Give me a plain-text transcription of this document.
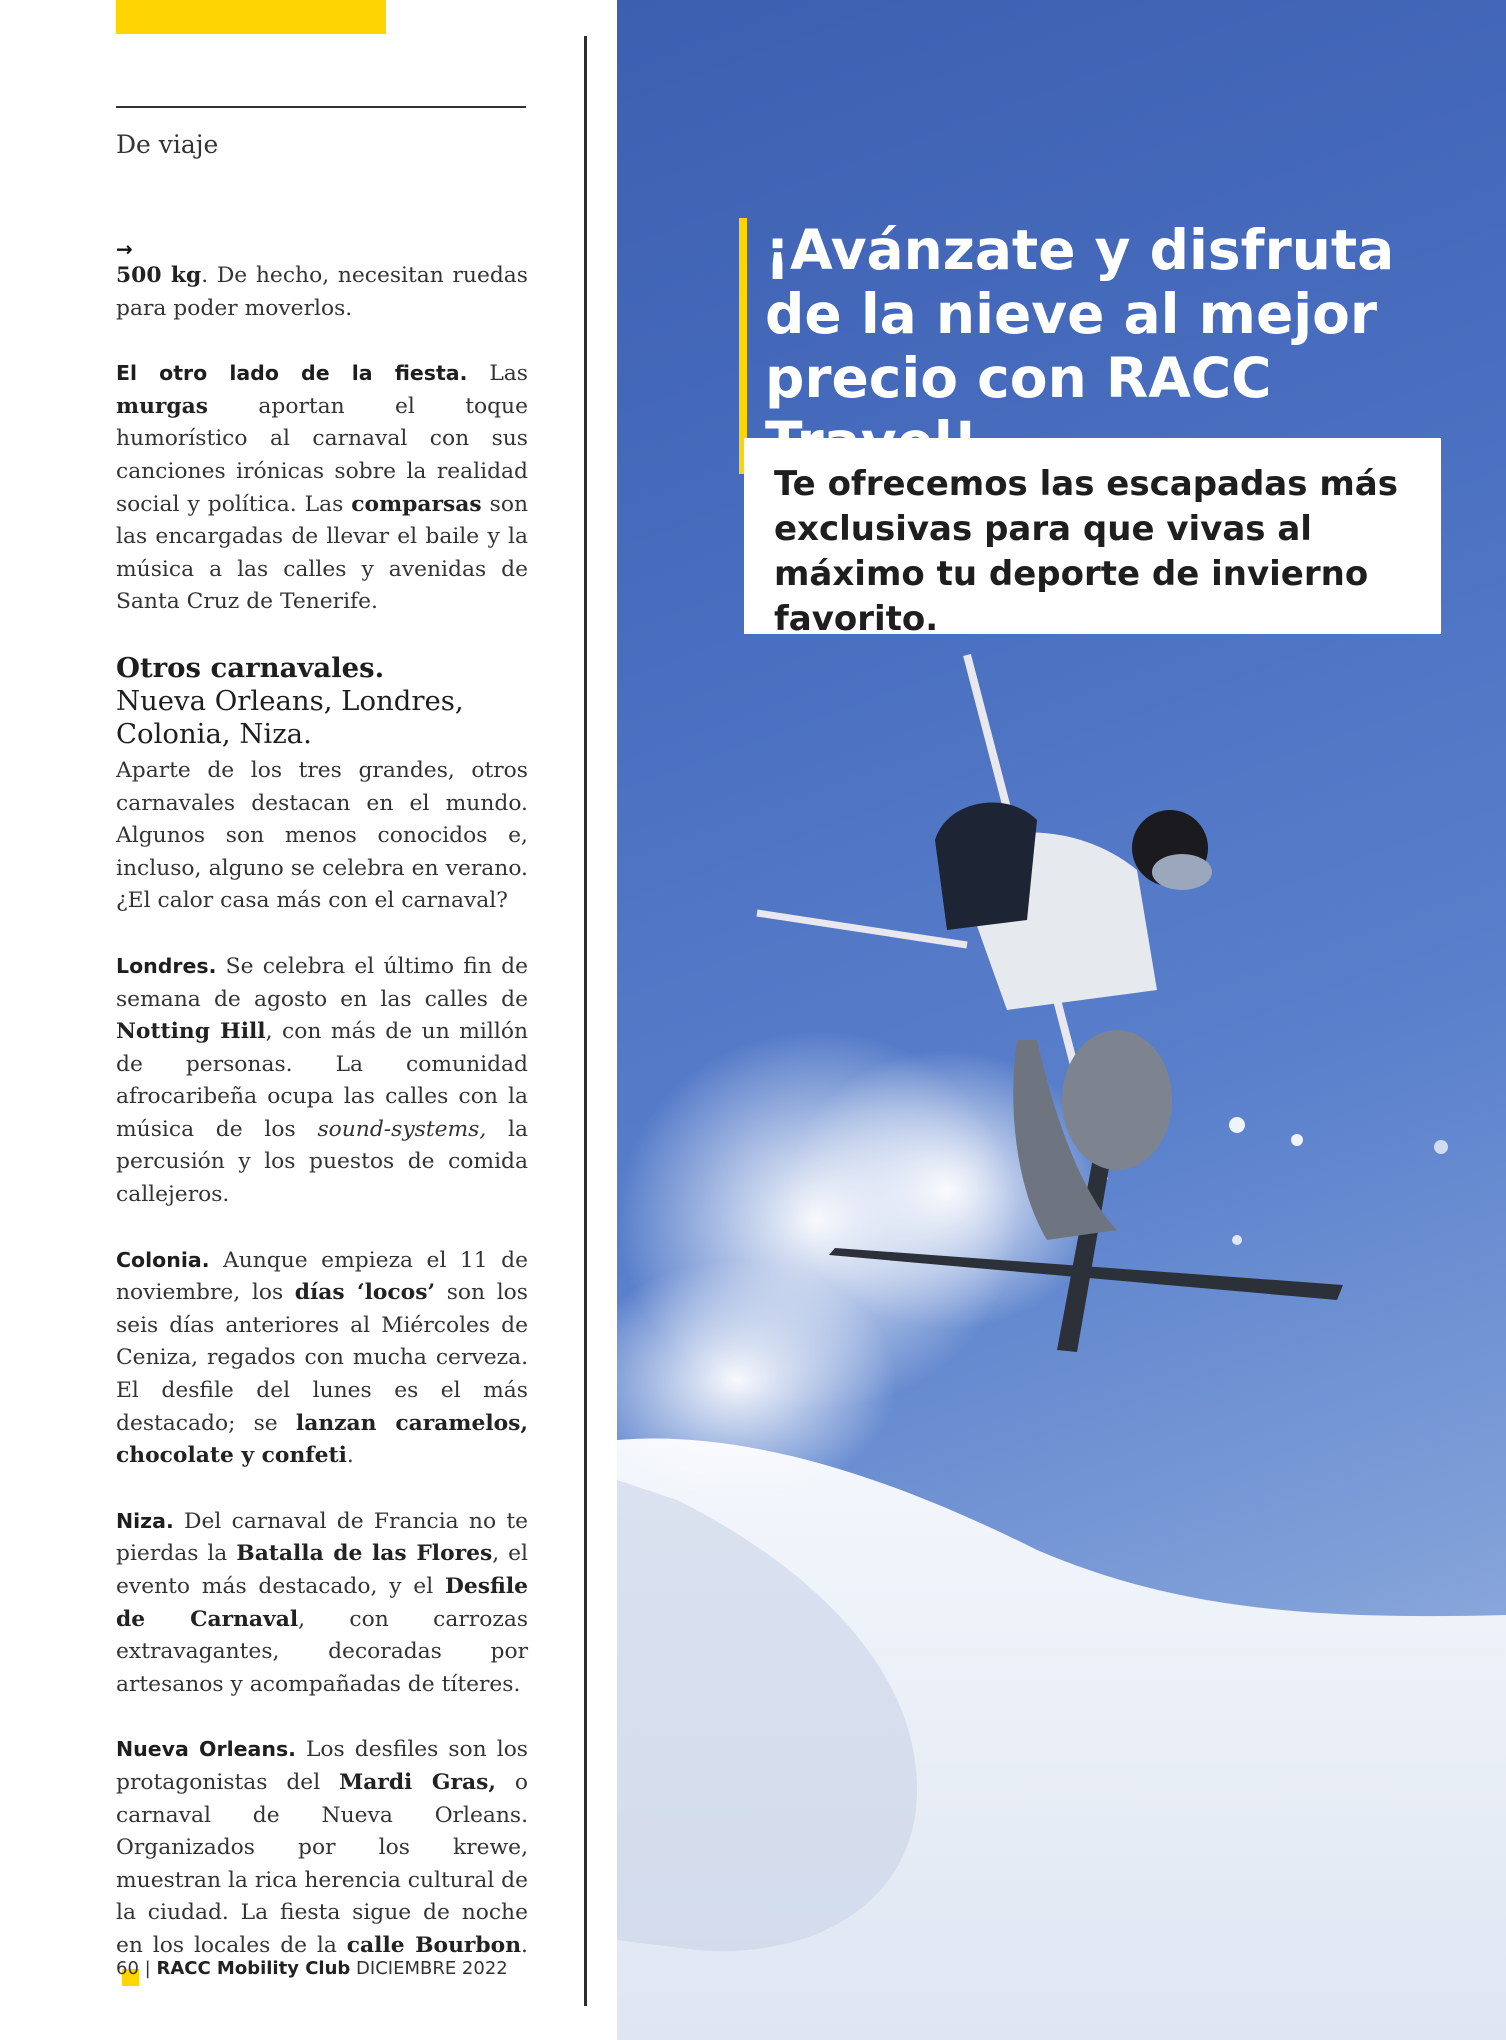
De viaje
→

500 kg. De hecho, necesitan ruedas para poder moverlos.

El otro lado de la fiesta. Las murgas aportan el toque humorístico al carnaval con sus canciones irónicas sobre la realidad social y política. Las comparsas son las encargadas de llevar el baile y la música a las calles y avenidas de Santa Cruz de Tenerife.

Otros carnavales.
Nueva Orleans, Londres, Colonia, Niza.

Aparte de los tres grandes, otros carnavales destacan en el mundo. Algunos son menos conocidos e, incluso, alguno se celebra en verano. ¿El calor casa más con el carnaval?

Londres. Se celebra el último fin de semana de agosto en las calles de Notting Hill, con más de un millón de personas. La comunidad afrocaribeña ocupa las calles con la música de los sound-systems, la percusión y los puestos de comida callejeros.

Colonia. Aunque empieza el 11 de noviembre, los días ‘locos’ son los seis días anteriores al Miércoles de Ceniza, regados con mucha cerveza. El desfile del lunes es el más destacado; se lanzan caramelos, chocolate y confeti.

Niza. Del carnaval de Francia no te pierdas la Batalla de las Flores, el evento más destacado, y el Desfile de Carnaval, con carrozas extravagantes, decoradas por artesanos y acompañadas de títeres.

Nueva Orleans. Los desfiles son los protagonistas del Mardi Gras, o carnaval de Nueva Orleans. Organizados por los krewe, muestran la rica herencia cultural de la ciudad. La fiesta sigue de noche en los locales de la calle Bourbon.

60 | RACC Mobility Club DICIEMBRE 2022
¡Avánzate y disfruta de la nieve al mejor precio con RACC
Te ofrecemos las escapadas más exclusivas para que vivas al máximo tu deporte de invierno favorito.
